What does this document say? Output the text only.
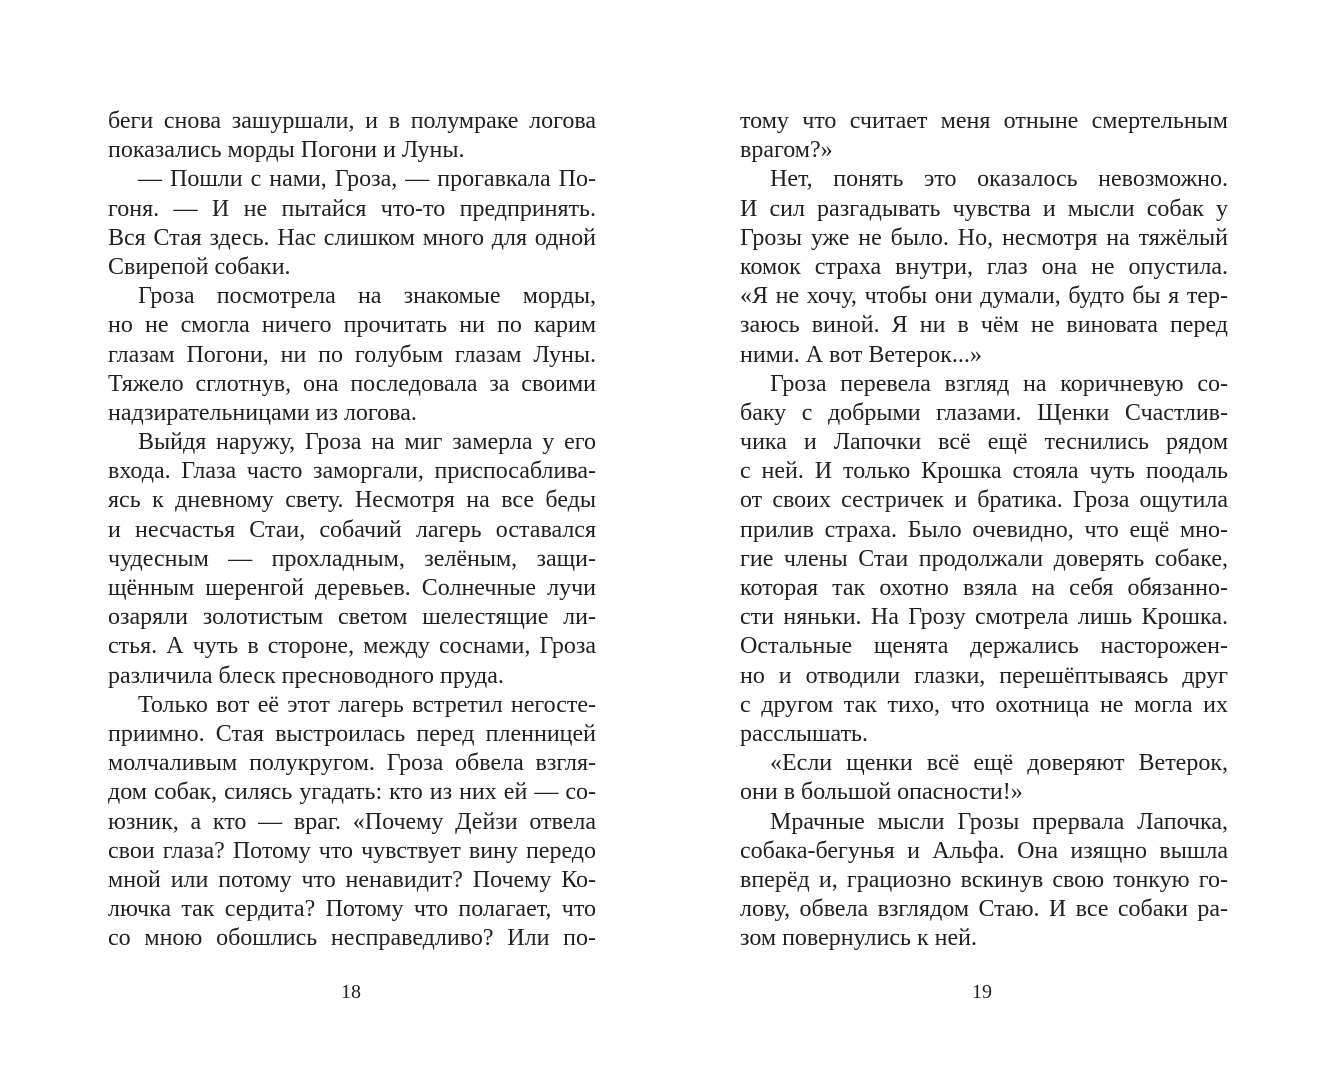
беги снова зашуршали, и в полумраке логова
показались морды Погони и Луны.
— Пошли с нами, Гроза, — прогавкала По-
гоня. — И не пытайся что-то предпринять.
Вся Стая здесь. Нас слишком много для одной
Свирепой собаки.
Гроза посмотрела на знакомые морды,
но не смогла ничего прочитать ни по карим
глазам Погони, ни по голубым глазам Луны.
Тяжело сглотнув, она последовала за своими
надзирательницами из логова.
Выйдя наружу, Гроза на миг замерла у его
входа. Глаза часто заморгали, приспосаблива-
ясь к дневному свету. Несмотря на все беды
и несчастья Стаи, собачий лагерь оставался
чудесным — прохладным, зелёным, защи-
щённым шеренгой деревьев. Солнечные лучи
озаряли золотистым светом шелестящие ли-
стья. А чуть в стороне, между соснами, Гроза
различила блеск пресноводного пруда.
Только вот её этот лагерь встретил негосте-
приимно. Стая выстроилась перед пленницей
молчаливым полукругом. Гроза обвела взгля-
дом собак, силясь угадать: кто из них ей — со-
юзник, а кто — враг. «Почему Дейзи отвела
свои глаза? Потому что чувствует вину передо
мной или потому что ненавидит? Почему Ко-
лючка так сердита? Потому что полагает, что
со мною обошлись несправедливо? Или по-
тому что считает меня отныне смертельным
врагом?»
Нет, понять это оказалось невозможно.
И сил разгадывать чувства и мысли собак у
Грозы уже не было. Но, несмотря на тяжёлый
комок страха внутри, глаз она не опустила.
«Я не хочу, чтобы они думали, будто бы я тер-
заюсь виной. Я ни в чём не виновата перед
ними. А вот Ветерок...»
Гроза перевела взгляд на коричневую со-
баку с добрыми глазами. Щенки Счастлив-
чика и Лапочки всё ещё теснились рядом
с ней. И только Крошка стояла чуть поодаль
от своих сестричек и братика. Гроза ощутила
прилив страха. Было очевидно, что ещё мно-
гие члены Стаи продолжали доверять собаке,
которая так охотно взяла на себя обязанно-
сти няньки. На Грозу смотрела лишь Крошка.
Остальные щенята держались насторожен-
но и отводили глазки, перешёптываясь друг
с другом так тихо, что охотница не могла их
расслышать.
«Если щенки всё ещё доверяют Ветерок,
они в большой опасности!»
Мрачные мысли Грозы прервала Лапочка,
собака-бегунья и Альфа. Она изящно вышла
вперёд и, грациозно вскинув свою тонкую го-
лову, обвела взглядом Стаю. И все собаки ра-
зом повернулись к ней.
18	19
